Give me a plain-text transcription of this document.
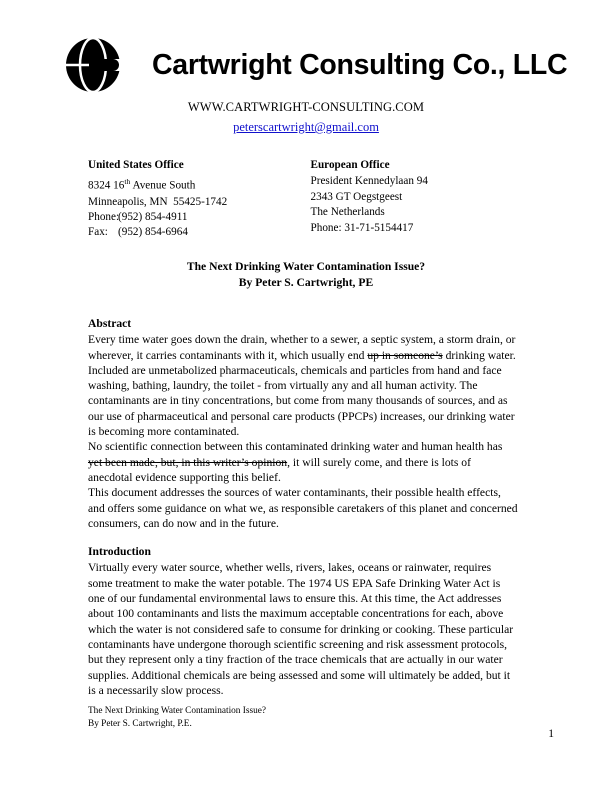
Cartwright Consulting Co., LLC
WWW.CARTWRIGHT-CONSULTING.COM
peterscartwright@gmail.com
United States Office
8324 16th Avenue South
Minneapolis, MN  55425-1742
Phone:(952) 854-4911
Fax: (952) 854-6964
European Office
President Kennedylaan 94
2343 GT Oegstgeest
The Netherlands
Phone: 31-71-5154417
The Next Drinking Water Contamination Issue?
By Peter S. Cartwright, PE
Abstract
Every time water goes down the drain, whether to a sewer, a septic system, a storm drain, or wherever, it carries contaminants with it, which usually end up in someone’s drinking water. Included are unmetabolized pharmaceuticals, chemicals and particles from hand and face washing, bathing, laundry, the toilet - from virtually any and all human activity. The contaminants are in tiny concentrations, but come from many thousands of sources, and as our use of pharmaceutical and personal care products (PPCPs) increases, our drinking water is becoming more contaminated.
No scientific connection between this contaminated drinking water and human health has yet been made, but, in this writer’s opinion, it will surely come, and there is lots of anecdotal evidence supporting this belief.
This document addresses the sources of water contaminants, their possible health effects, and offers some guidance on what we, as responsible caretakers of this planet and concerned consumers, can do now and in the future.
Introduction
Virtually every water source, whether wells, rivers, lakes, oceans or rainwater, requires some treatment to make the water potable. The 1974 US EPA Safe Drinking Water Act is one of our fundamental environmental laws to ensure this. At this time, the Act addresses about 100 contaminants and lists the maximum acceptable concentrations for each, above which the water is not considered safe to consume for drinking or cooking. These particular contaminants have undergone thorough scientific screening and risk assessment protocols, but they represent only a tiny fraction of the trace chemicals that are actually in our water supplies. Additional chemicals are being assessed and some will ultimately be added, but it is a necessarily slow process.
The Next Drinking Water Contamination Issue?
By Peter S. Cartwright, P.E.
1
